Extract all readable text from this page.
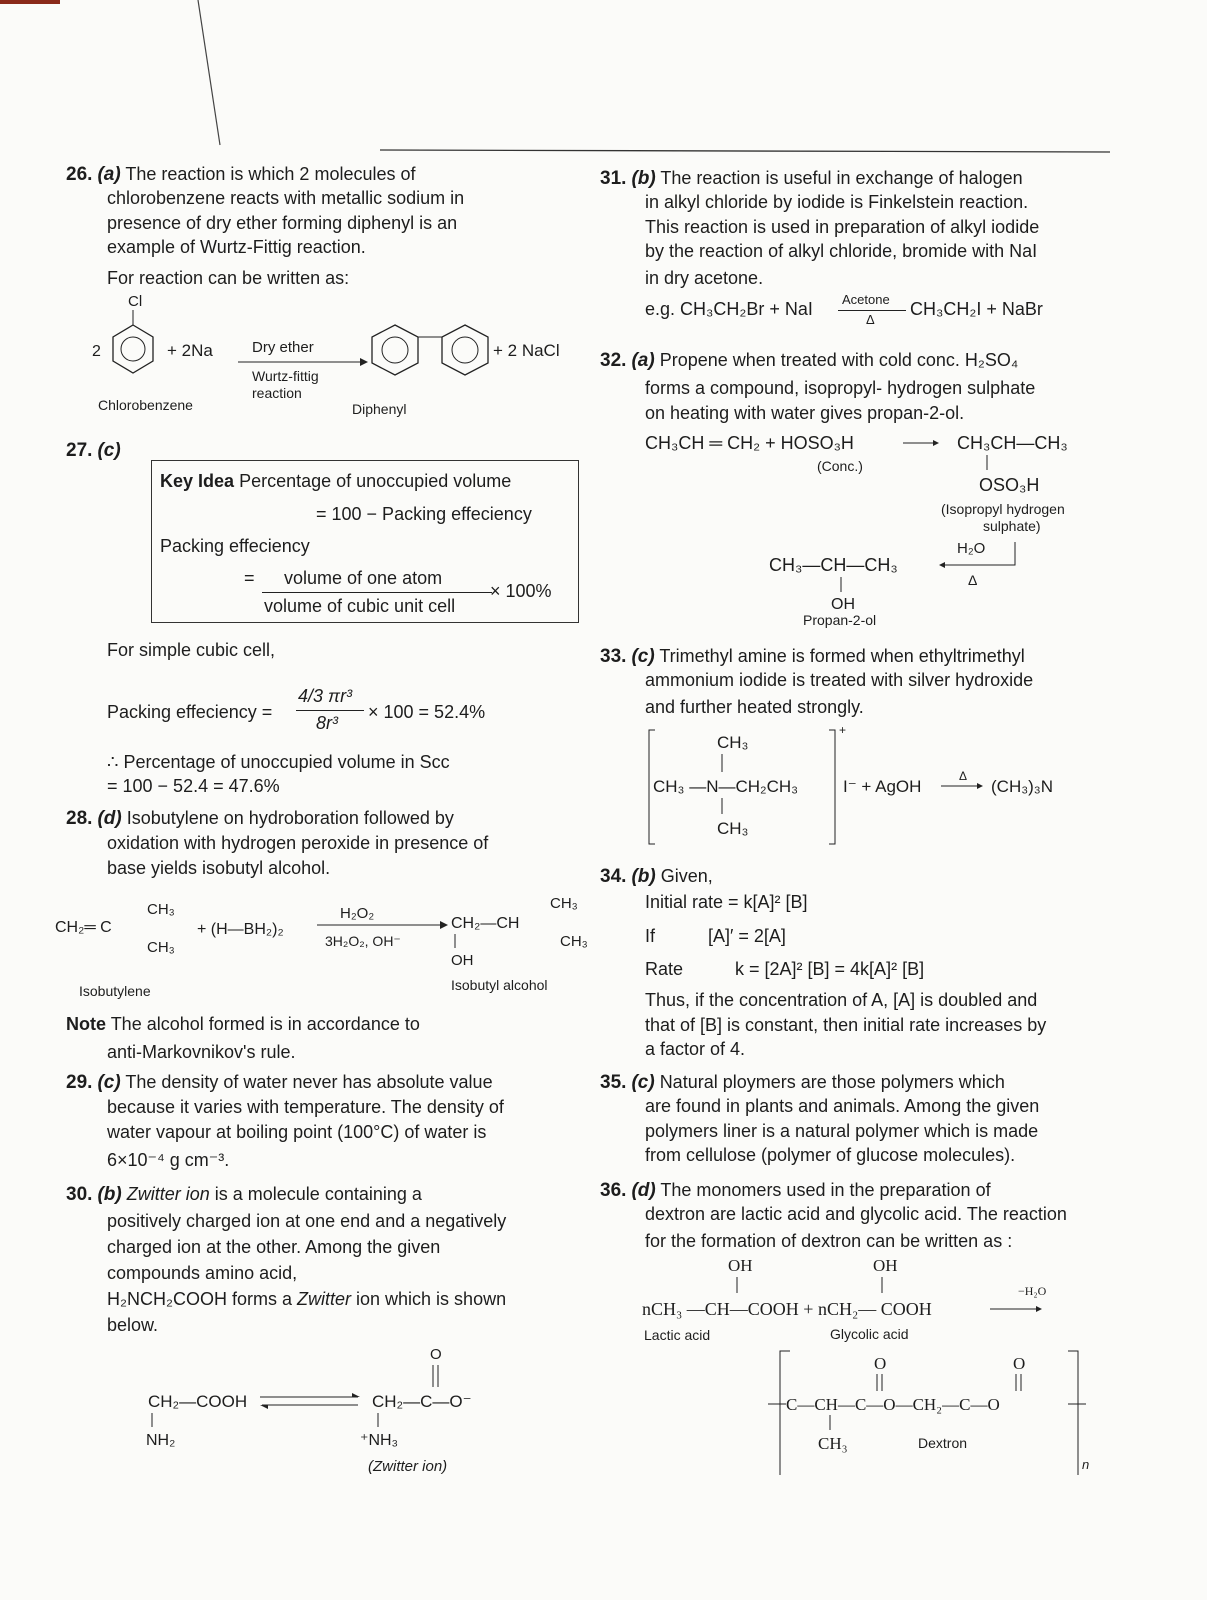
26. (a) The reaction is which 2 molecules of
chlorobenzene reacts with metallic sodium in
presence of dry ether forming diphenyl is an
example of Wurtz-Fittig reaction.
For reaction can be written as:
Cl
2	+ 2Na	Dry ether
Wurtz-fittig
reaction
+ 2 NaCl
Chlorobenzene	Diphenyl
27. (c)
Key Idea Percentage of unoccupied volume
= 100 − Packing effeciency
Packing effeciency
= volume of one atom
volume of cubic unit cell
× 100%
For simple cubic cell,
Packing effeciency =
4/3 πr³
8r³
× 100 = 52.4%
∴ Percentage of unoccupied volume in Scc
= 100 − 52.4 = 47.6%
28. (d) Isobutylene on hydroboration followed by
oxidation with hydrogen peroxide in presence of
base yields isobutyl alcohol.
CH₂═ C
CH₃
CH₃
+ (H—BH₂)₂
H₂O₂
3H₂O₂, OH⁻
CH₂—CH
CH₃
CH₃
OH
Isobutylene	Isobutyl alcohol
Note The alcohol formed is in accordance to
anti-Markovnikov's rule.
29. (c) The density of water never has absolute value
because it varies with temperature. The density of
water vapour at boiling point (100°C) of water is
6×10⁻⁴ g cm⁻³.
30. (b) Zwitter ion is a molecule containing a
positively charged ion at one end and a negatively
charged ion at the other. Among the given
compounds amino acid,
H₂NCH₂COOH forms a Zwitter ion which is shown
below.
CH₂—COOH
NH₂
O
CH₂—C—O⁻
⁺NH₃
(Zwitter ion)
31. (b) The reaction is useful in exchange of halogen
in alkyl chloride by iodide is Finkelstein reaction.
This reaction is used in preparation of alkyl iodide
by the reaction of alkyl chloride, bromide with NaI
in dry acetone.
e.g. CH₃CH₂Br + NaI Acetone
Δ
CH₃CH₂I + NaBr
32. (a) Propene when treated with cold conc. H₂SO₄
forms a compound, isopropyl- hydrogen sulphate
on heating with water gives propan-2-ol.
CH₃CH ═ CH₂ + HOSO₃H
(Conc.)
CH₃CH—CH₃
OSO₃H
(Isopropyl hydrogen
sulphate)
H₂O
Δ
CH₃—CH—CH₃
OH
Propan-2-ol
33. (c) Trimethyl amine is formed when ethyltrimethyl
ammonium iodide is treated with silver hydroxide
and further heated strongly.
CH₃
CH₃ —N—CH₂CH₃
CH₃
+
I⁻ + AgOH
Δ
(CH₃)₃N
34. (b) Given,
Initial rate = k[A]² [B]
If	[A]′ = 2[A]
Rate	k = [2A]² [B] = 4k[A]² [B]
Thus, if the concentration of A, [A] is doubled and
that of [B] is constant, then initial rate increases by
a factor of 4.
35. (c) Natural ploymers are those polymers which
are found in plants and animals. Among the given
polymers liner is a natural polymer which is made
from cellulose (polymer of glucose molecules).
36. (d) The monomers used in the preparation of
dextron are lactic acid and glycolic acid. The reaction
for the formation of dextron can be written as :
OH	OH
nCH₃ —CH—COOH + nCH₂— COOH
−H₂O
Lactic acid	Glycolic acid
O	O
C—CH—C—O—CH₂—C—O
CH₃	Dextron
n
